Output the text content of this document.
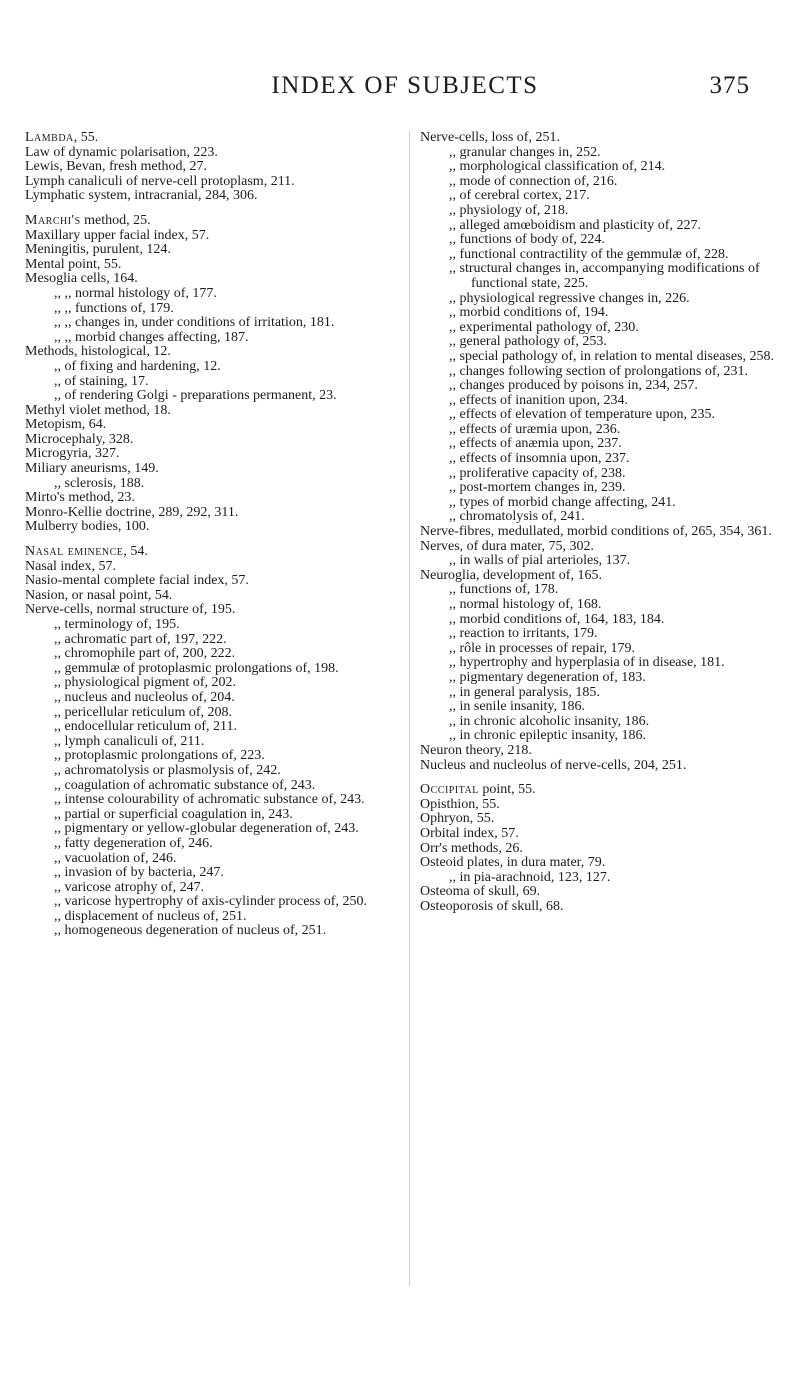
INDEX OF SUBJECTS	375

Lambda, 55.

Law of dynamic polarisation, 223.

Lewis, Bevan, fresh method, 27.

Lymph canaliculi of nerve-cell protoplasm, 211.

Lymphatic system, intracranial, 284, 306.

Marchi's method, 25.

Maxillary upper facial index, 57.

Meningitis, purulent, 124.

Mental point, 55.

Mesoglia cells, 164.

,, ,, normal histology of, 177.

,, ,, functions of, 179.

,, ,, changes in, under conditions of irritation, 181.

,, ,, morbid changes affecting, 187.

Methods, histological, 12.

,, of fixing and hardening, 12.

,, of staining, 17.

,, of rendering Golgi - preparations permanent, 23.

Methyl violet method, 18.

Metopism, 64.

Microcephaly, 328.

Microgyria, 327.

Miliary aneurisms, 149.

,, sclerosis, 188.

Mirto's method, 23.

Monro-Kellie doctrine, 289, 292, 311.

Mulberry bodies, 100.

Nasal eminence, 54.

Nasal index, 57.

Nasio-mental complete facial index, 57.

Nasion, or nasal point, 54.

Nerve-cells, normal structure of, 195.

,, terminology of, 195.

,, achromatic part of, 197, 222.

,, chromophile part of, 200, 222.

,, gemmulæ of protoplasmic prolongations of, 198.

,, physiological pigment of, 202.

,, nucleus and nucleolus of, 204.

,, pericellular reticulum of, 208.

,, endocellular reticulum of, 211.

,, lymph canaliculi of, 211.

,, protoplasmic prolongations of, 223.

,, achromatolysis or plasmolysis of, 242.

,, coagulation of achromatic substance of, 243.

,, intense colourability of achromatic substance of, 243.

,, partial or superficial coagulation in, 243.

,, pigmentary or yellow-globular degeneration of, 243.

,, fatty degeneration of, 246.

,, vacuolation of, 246.

,, invasion of by bacteria, 247.

,, varicose atrophy of, 247.

,, varicose hypertrophy of axis-cylinder process of, 250.

,, displacement of nucleus of, 251.

,, homogeneous degeneration of nucleus of, 251.

Nerve-cells, loss of, 251.

,, granular changes in, 252.

,, morphological classification of, 214.

,, mode of connection of, 216.

,, of cerebral cortex, 217.

,, physiology of, 218.

,, alleged amœboidism and plasticity of, 227.

,, functions of body of, 224.

,, functional contractility of the gemmulæ of, 228.

,, structural changes in, accompanying modifications of functional state, 225.

,, physiological regressive changes in, 226.

,, morbid conditions of, 194.

,, experimental pathology of, 230.

,, general pathology of, 253.

,, special pathology of, in relation to mental diseases, 258.

,, changes following section of prolongations of, 231.

,, changes produced by poisons in, 234, 257.

,, effects of inanition upon, 234.

,, effects of elevation of temperature upon, 235.

,, effects of uræmia upon, 236.

,, effects of anæmia upon, 237.

,, effects of insomnia upon, 237.

,, proliferative capacity of, 238.

,, post-mortem changes in, 239.

,, types of morbid change affecting, 241.

,, chromatolysis of, 241.

Nerve-fibres, medullated, morbid conditions of, 265, 354, 361.

Nerves, of dura mater, 75, 302.

,, in walls of pial arterioles, 137.

Neuroglia, development of, 165.

,, functions of, 178.

,, normal histology of, 168.

,, morbid conditions of, 164, 183, 184.

,, reaction to irritants, 179.

,, rôle in processes of repair, 179.

,, hypertrophy and hyperplasia of in disease, 181.

,, pigmentary degeneration of, 183.

,, in general paralysis, 185.

,, in senile insanity, 186.

,, in chronic alcoholic insanity, 186.

,, in chronic epileptic insanity, 186.

Neuron theory, 218.

Nucleus and nucleolus of nerve-cells, 204, 251.

Occipital point, 55.

Opisthion, 55.

Ophryon, 55.

Orbital index, 57.

Orr's methods, 26.

Osteoid plates, in dura mater, 79.

,, in pia-arachnoid, 123, 127.

Osteoma of skull, 69.

Osteoporosis of skull, 68.
